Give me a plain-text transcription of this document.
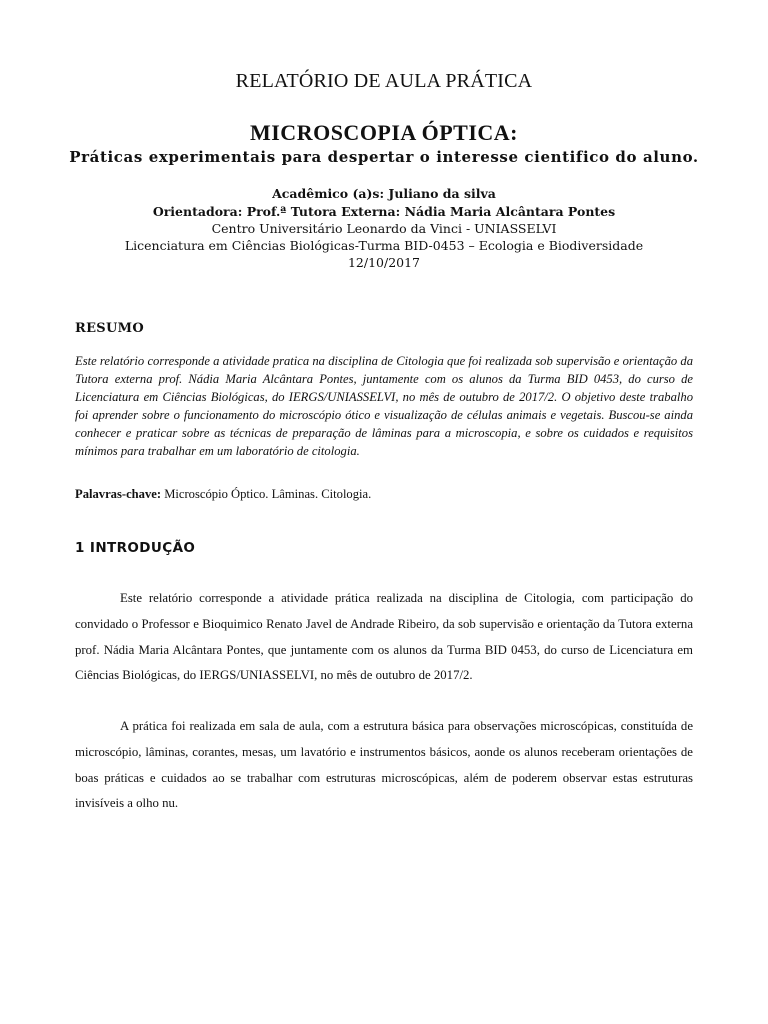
RELATÓRIO DE AULA PRÁTICA
MICROSCOPIA ÓPTICA:
Práticas experimentais para despertar o interesse cientifico do aluno.
Acadêmico (a)s: Juliano da silva
Orientadora: Prof.ª Tutora Externa: Nádia Maria Alcântara Pontes
Centro Universitário Leonardo da Vinci - UNIASSELVI
Licenciatura em Ciências Biológicas-Turma BID-0453 – Ecologia e Biodiversidade
12/10/2017
RESUMO
Este relatório corresponde a atividade pratica na disciplina de Citologia que foi realizada sob supervisão e orientação da Tutora externa prof. Nádia Maria Alcântara Pontes, juntamente com os alunos da Turma BID 0453, do curso de Licenciatura em Ciências Biológicas, do IERGS/UNIASSELVI, no mês de outubro de 2017/2. O objetivo deste trabalho foi aprender sobre o funcionamento do microscópio ótico e visualização de células animais e vegetais. Buscou-se ainda conhecer e praticar sobre as técnicas de preparação de lâminas para a microscopia, e sobre os cuidados e requisitos mínimos para trabalhar em um laboratório de citologia.
Palavras-chave: Microscópio Óptico. Lâminas. Citologia.
1 INTRODUÇÃO

Este relatório corresponde a atividade prática realizada na disciplina de Citologia, com participação do convidado o Professor e Bioquimico Renato Javel de Andrade Ribeiro, da sob supervisão e orientação da Tutora externa prof. Nádia Maria Alcântara Pontes, que juntamente com os alunos da Turma BID 0453, do curso de Licenciatura em Ciências Biológicas, do IERGS/UNIASSELVI, no mês de outubro de 2017/2.

A prática foi realizada em sala de aula, com a estrutura básica para observações microscópicas, constituída de microscópio, lâminas, corantes, mesas, um lavatório e instrumentos básicos, aonde os alunos receberam orientações de boas práticas e cuidados ao se trabalhar com estruturas microscópicas, além de poderem observar estas estruturas invisíveis a olho nu.
